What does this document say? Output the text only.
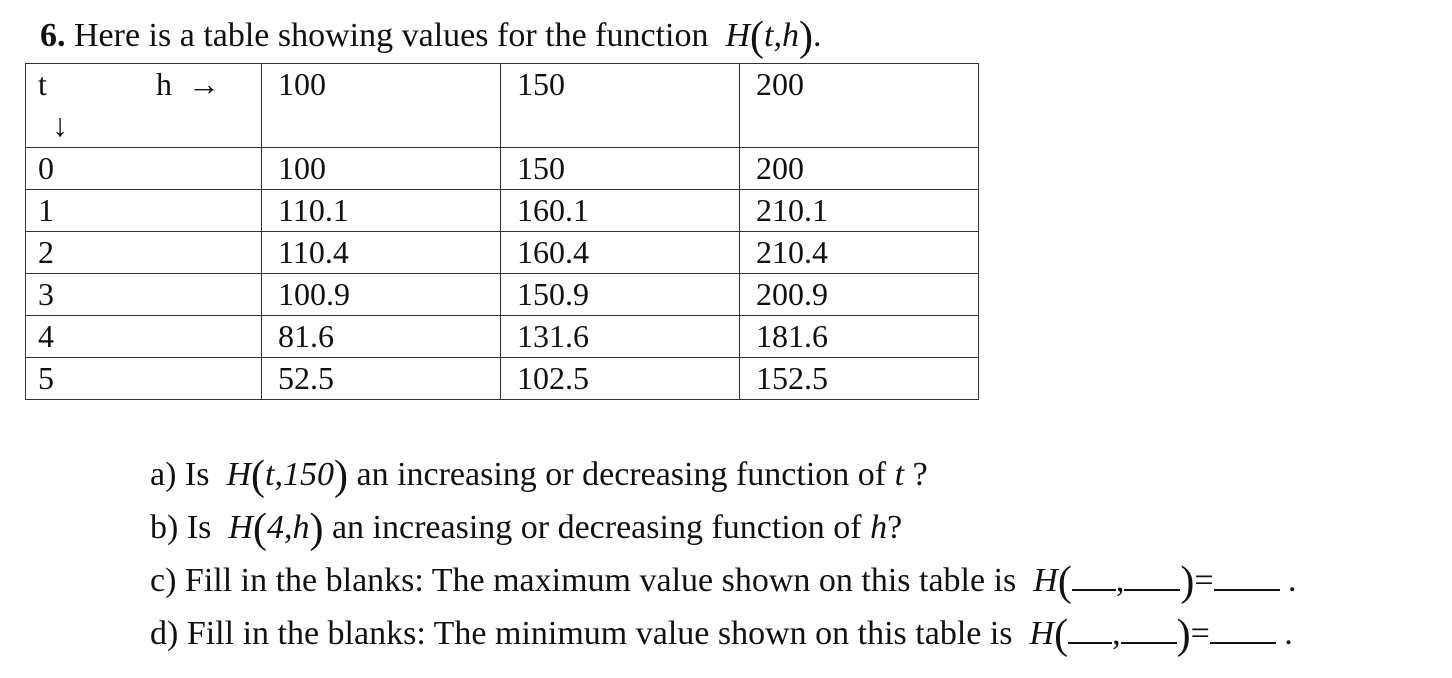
6. Here is a table showing values for the function H(t,h).
t
↓
h →	100	150	200
0	100	150	200
1	110.1	160.1	210.1
2	110.4	160.4	210.4
3	100.9	150.9	200.9
4	81.6	131.6	181.6
5	52.5	102.5	152.5
a) Is H(t,150) an increasing or decreasing function of t ?
b) Is H(4,h) an increasing or decreasing function of h?
c) Fill in the blanks: The maximum value shown on this table is H( , )= .
d) Fill in the blanks: The minimum value shown on this table is H( , )= .
